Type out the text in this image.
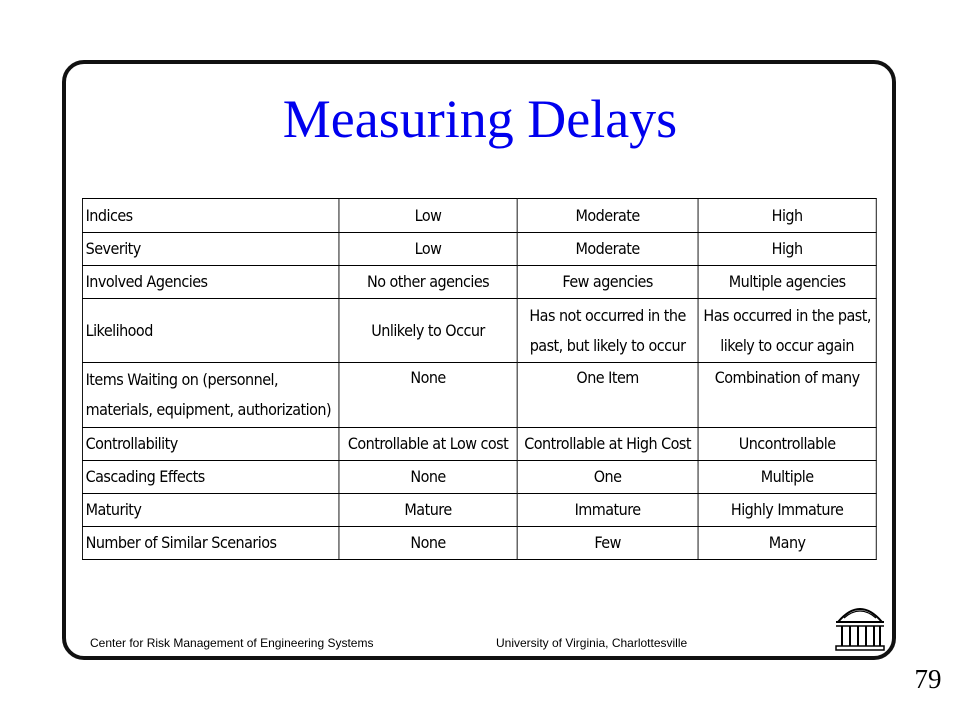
Measuring Delays
Indices	Low	Moderate	High
Severity	Low	Moderate	High
Involved Agencies	No other agencies	Few agencies	Multiple agencies
Likelihood	Unlikely to Occur	Has not occurred in the past, but likely to occur	Has occurred in the past, likely to occur again
Items Waiting on (personnel, materials, equipment, authorization)	None	One Item	Combination of many
Controllability	Controllable at Low cost	Controllable at High Cost	Uncontrollable
Cascading Effects	None	One	Multiple
Maturity	Mature	Immature	Highly Immature
Number of Similar Scenarios	None	Few	Many
Center for Risk Management of Engineering Systems	University of Virginia, Charlottesville
79
